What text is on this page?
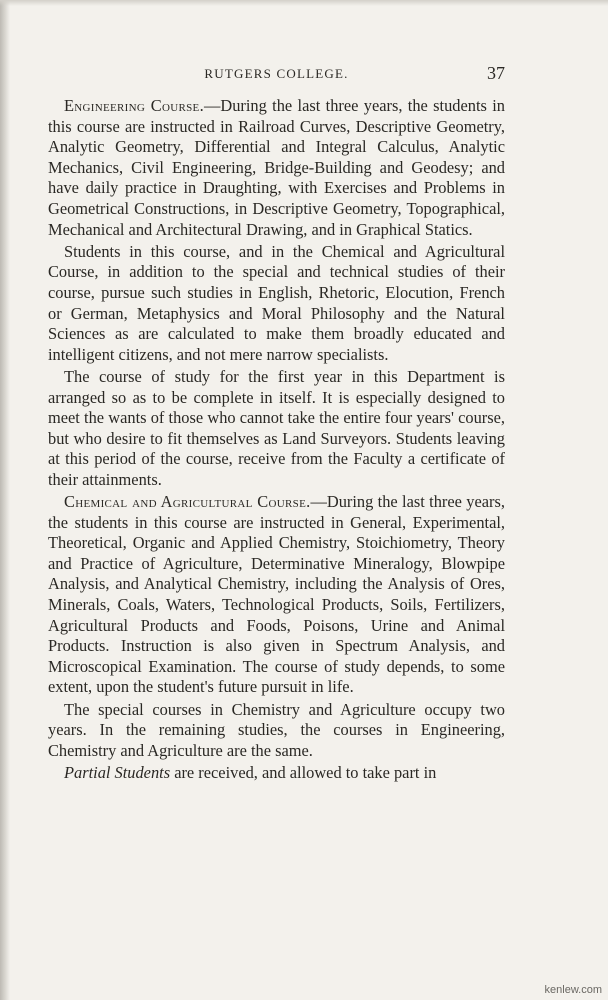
RUTGERS COLLEGE.	37

Engineering Course.—During the last three years, the students in this course are instructed in Railroad Curves, Descriptive Geometry, Analytic Geometry, Differential and Integral Calculus, Analytic Mechanics, Civil Engineering, Bridge-Building and Geodesy; and have daily practice in Draughting, with Exercises and Problems in Geometrical Constructions, in Descriptive Geometry, Topographical, Mechanical and Architectural Drawing, and in Graphical Statics.

Students in this course, and in the Chemical and Agricultural Course, in addition to the special and technical studies of their course, pursue such studies in English, Rhetoric, Elocution, French or German, Metaphysics and Moral Philosophy and the Natural Sciences as are calculated to make them broadly educated and intelligent citizens, and not mere narrow specialists.

The course of study for the first year in this Department is arranged so as to be complete in itself. It is especially designed to meet the wants of those who cannot take the entire four years' course, but who desire to fit themselves as Land Surveyors. Students leaving at this period of the course, receive from the Faculty a certificate of their attainments.

Chemical and Agricultural Course.—During the last three years, the students in this course are instructed in General, Experimental, Theoretical, Organic and Applied Chemistry, Stoichiometry, Theory and Practice of Agriculture, Determinative Mineralogy, Blowpipe Analysis, and Analytical Chemistry, including the Analysis of Ores, Minerals, Coals, Waters, Technological Products, Soils, Fertilizers, Agricultural Products and Foods, Poisons, Urine and Animal Products. Instruction is also given in Spectrum Analysis, and Microscopical Examination. The course of study depends, to some extent, upon the student's future pursuit in life.

The special courses in Chemistry and Agriculture occupy two years. In the remaining studies, the courses in Engineering, Chemistry and Agriculture are the same.

Partial Students are received, and allowed to take part in

kenlew.com
